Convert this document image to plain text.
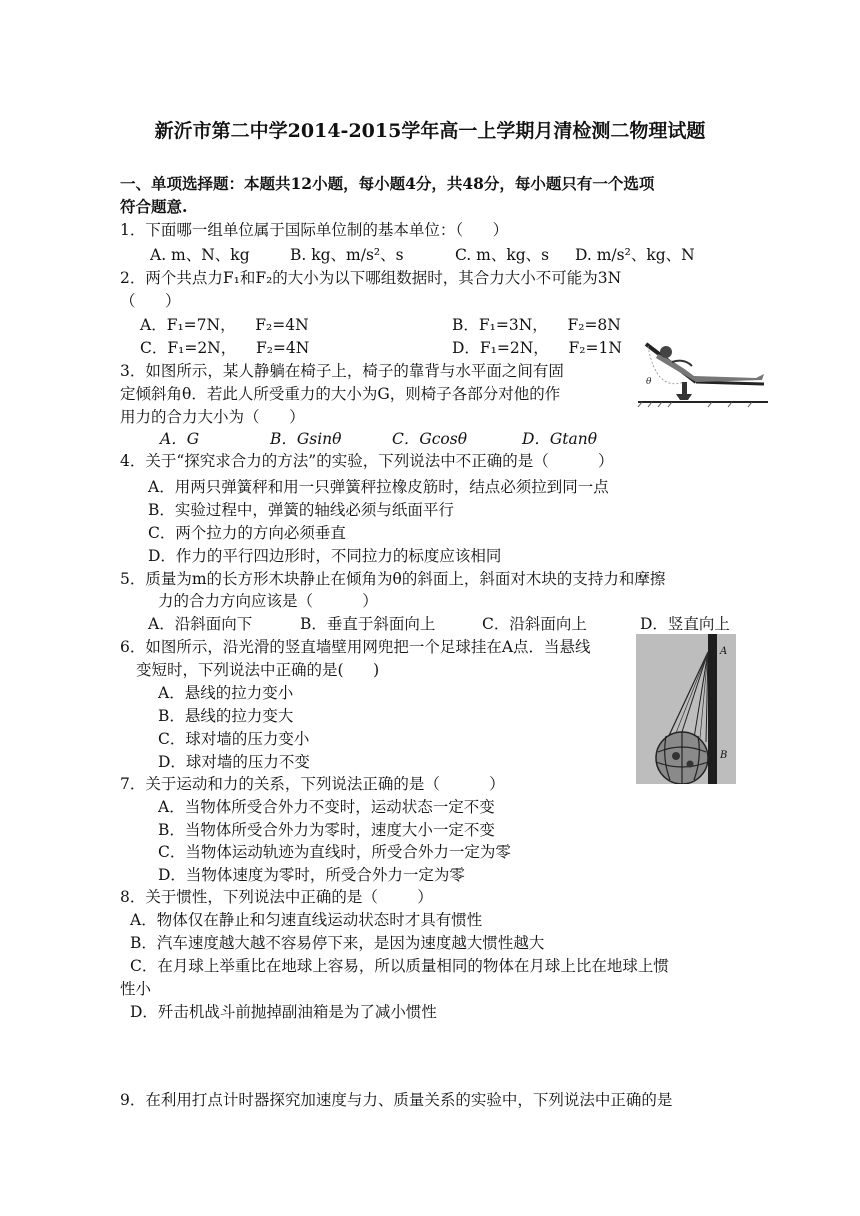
新沂市第二中学2014-2015学年高一上学期月清检测二物理试题
一、单项选择题：本题共12小题，每小题4分，共48分，每小题只有一个选项
符合题意.
1．下面哪一组单位属于国际单位制的基本单位：（      ）
A. m、N、kg	B. kg、m/s²、s	C. m、kg、s D. m/s²、kg、N
2．两个共点力F₁和F₂的大小为以下哪组数据时，其合力大小不可能为3N
（      ）
A．F₁=7N，    F₂=4N	B．F₁=3N，    F₂=8N
C．F₁=2N，    F₂=4N	D．F₁=2N，    F₂=1N
3．如图所示，某人静躺在椅子上，椅子的靠背与水平面之间有固
定倾斜角θ．若此人所受重力的大小为G，则椅子各部分对他的作
用力的合力大小为（      ）
A．G	B．Gsinθ	C．Gcosθ	D．Gtanθ
θ
4．关于“探究求合力的方法”的实验，下列说法中不正确的是（          ）
A．用两只弹簧秤和用一只弹簧秤拉橡皮筋时，结点必须拉到同一点
B．实验过程中，弹簧的轴线必须与纸面平行
C．两个拉力的方向必须垂直
D．作力的平行四边形时，不同拉力的标度应该相同
5．质量为m的长方形木块静止在倾角为θ的斜面上，斜面对木块的支持力和摩擦
力的合力方向应该是（          ）
A．沿斜面向下	B．垂直于斜面向上	C．沿斜面向上	D．竖直向上
6．如图所示，沿光滑的竖直墙壁用网兜把一个足球挂在A点．当悬线
变短时，下列说法中正确的是(      )
A．悬线的拉力变小
B．悬线的拉力变大
C．球对墙的压力变小
D．球对墙的压力不变
A
B
7．关于运动和力的关系，下列说法正确的是（          ）
A．当物体所受合外力不变时，运动状态一定不变
B．当物体所受合外力为零时，速度大小一定不变
C．当物体运动轨迹为直线时，所受合外力一定为零
D．当物体速度为零时，所受合外力一定为零
8．关于惯性，下列说法中正确的是（        ）
A．物体仅在静止和匀速直线运动状态时才具有惯性
B．汽车速度越大越不容易停下来，是因为速度越大惯性越大
C．在月球上举重比在地球上容易，所以质量相同的物体在月球上比在地球上惯
性小
D．歼击机战斗前抛掉副油箱是为了减小惯性
9．在利用打点计时器探究加速度与力、质量关系的实验中，下列说法中正确的是
